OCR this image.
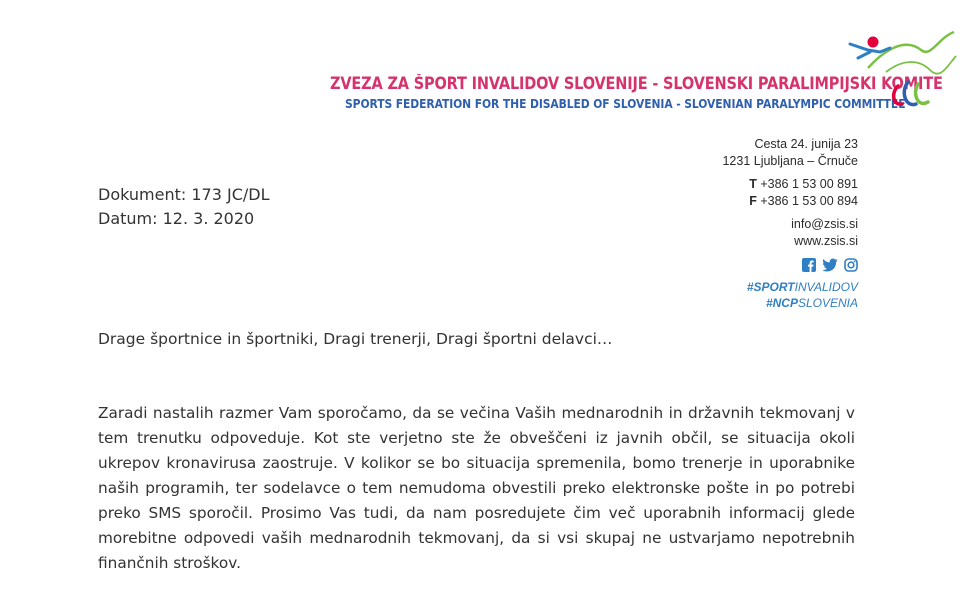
ZVEZA ZA ŠPORT INVALIDOV SLOVENIJE - SLOVENSKI PARALIMPIJSKI KOMITE
SPORTS FEDERATION FOR THE DISABLED OF SLOVENIA - SLOVENIAN PARALYMPIC COMMITTEE
Cesta 24. junija 23
1231 Ljubljana – Črnuče
T +386 1 53 00 891
F +386 1 53 00 894
info@zsis.si
www.zsis.si
#SPORTINVALIDOV
#NCPSLOVENIA
Dokument: 173 JC/DL
Datum: 12. 3. 2020
Drage športnice in športniki, Dragi trenerji, Dragi športni delavci…
Zaradi nastalih razmer Vam sporočamo, da se večina Vaših mednarodnih in državnih tekmovanj v tem trenutku odpoveduje. Kot ste verjetno ste že obveščeni iz javnih občil, se situacija okoli ukrepov kronavirusa zaostruje. V kolikor se bo situacija spremenila, bomo trenerje in uporabnike naših programih, ter sodelavce o tem nemudoma obvestili preko elektronske pošte in po potrebi preko SMS sporočil. Prosimo Vas tudi, da nam posredujete čim več uporabnih informacij glede morebitne odpovedi vaših mednarodnih tekmovanj, da si vsi skupaj ne ustvarjamo nepotrebnih finančnih stroškov.
